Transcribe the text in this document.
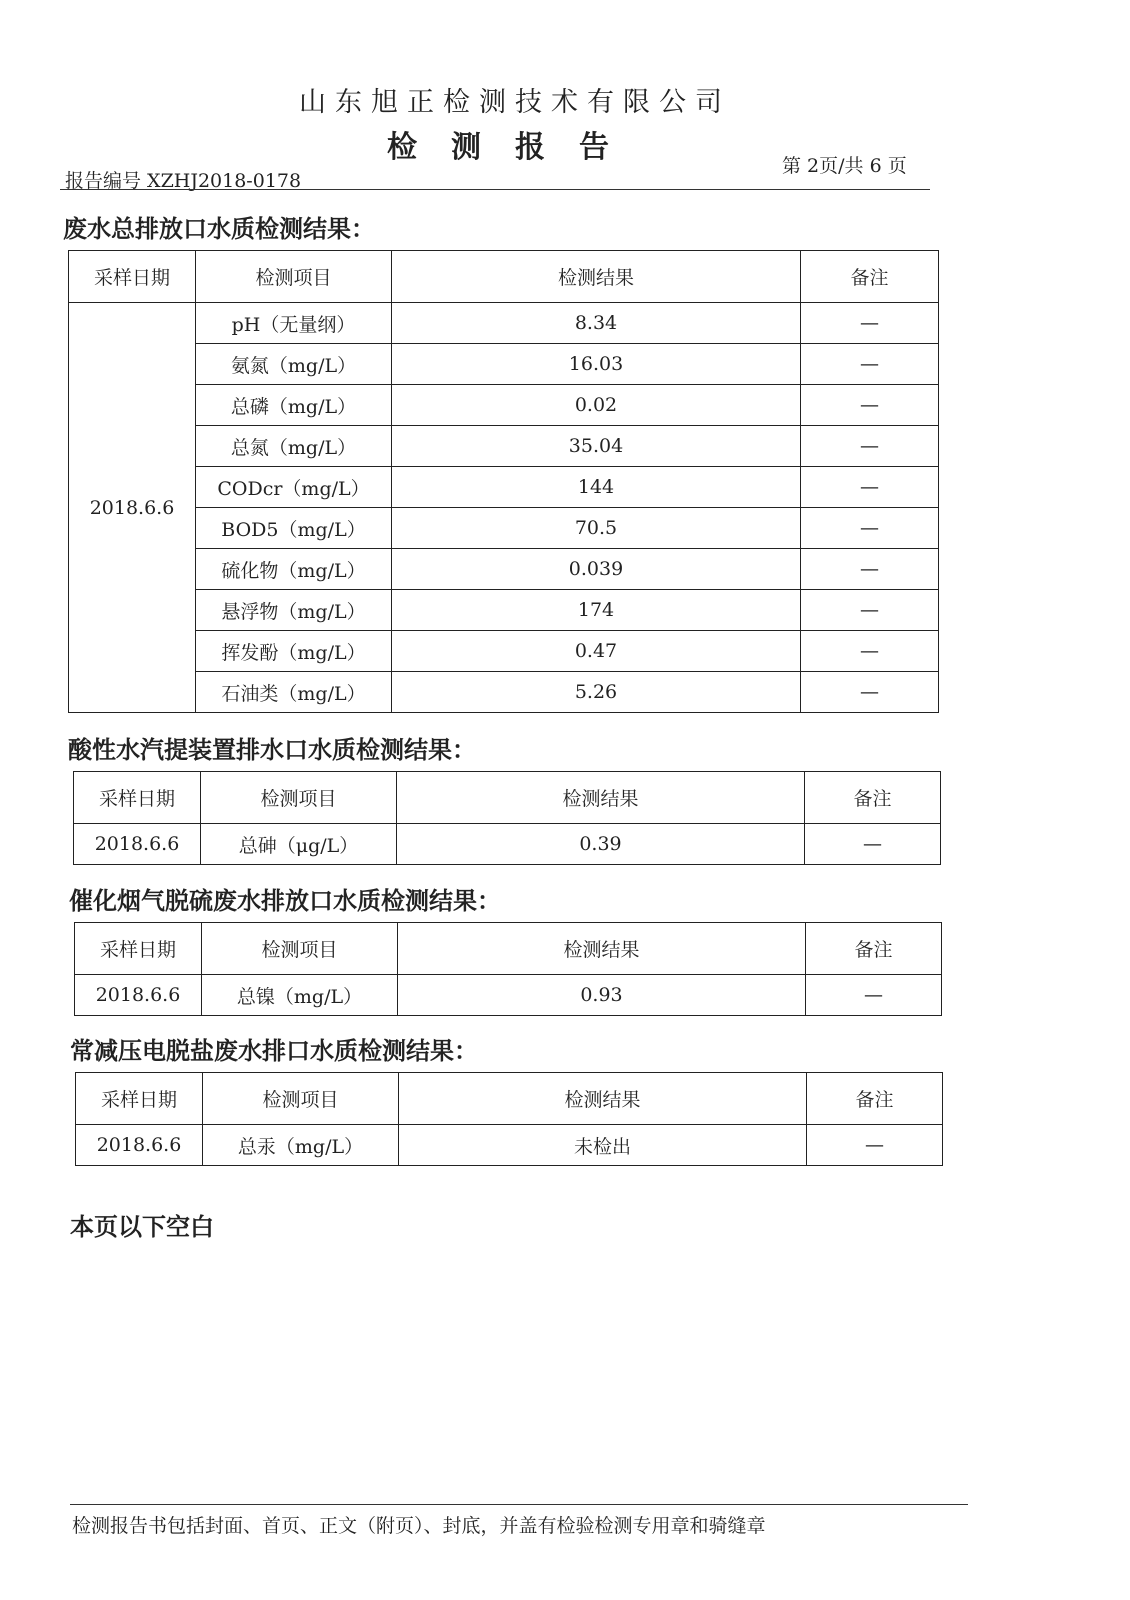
山东旭正检测技术有限公司
检测报告
报告编号 XZHJ2018-0178
第 2页/共 6 页
废水总排放口水质检测结果：
采样日期	检测项目	检测结果	备注
2018.6.6	pH（无量纲）	8.34	—
	氨氮（mg/L）	16.03	—
	总磷（mg/L）	0.02	—
	总氮（mg/L）	35.04	—
	CODcr（mg/L）	144	—
	BOD5（mg/L）	70.5	—
	硫化物（mg/L）	0.039	—
	悬浮物（mg/L）	174	—
	挥发酚（mg/L）	0.47	—
	石油类（mg/L）	5.26	—
酸性水汽提装置排水口水质检测结果：
采样日期	检测项目	检测结果	备注
2018.6.6	总砷（μg/L）	0.39	—
催化烟气脱硫废水排放口水质检测结果：
采样日期	检测项目	检测结果	备注
2018.6.6	总镍（mg/L）	0.93	—
常减压电脱盐废水排口水质检测结果：
采样日期	检测项目	检测结果	备注
2018.6.6	总汞（mg/L）	未检出	—
本页以下空白
检测报告书包括封面、首页、正文（附页）、封底，并盖有检验检测专用章和骑缝章
